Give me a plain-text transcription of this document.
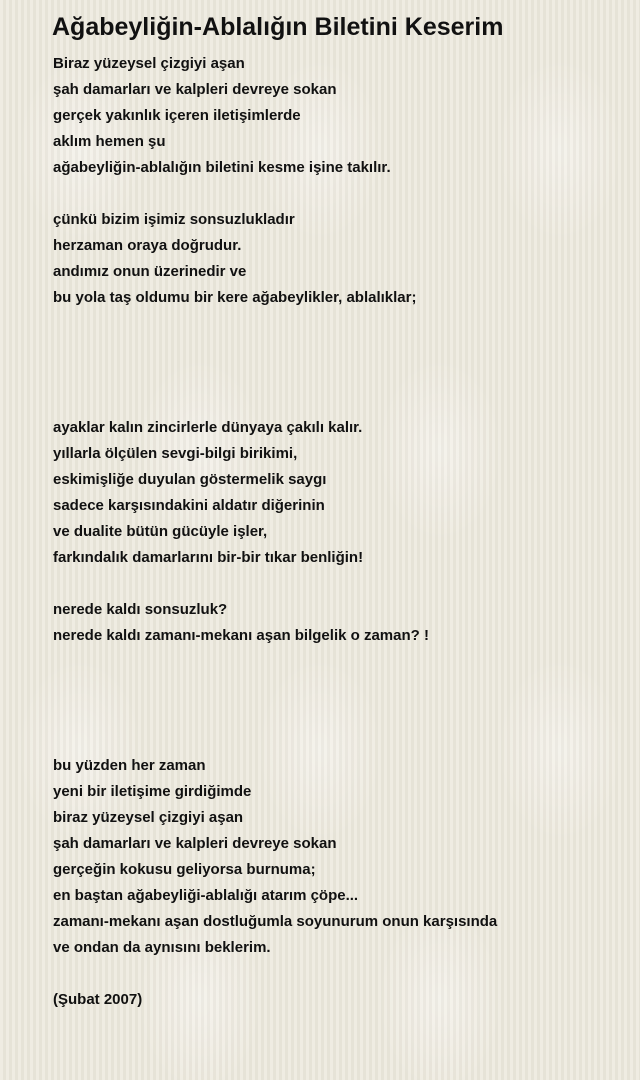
Ağabeyliğin-Ablalığın Biletini Keserim
Biraz yüzeysel çizgiyi aşan
şah damarları ve kalpleri devreye sokan
gerçek yakınlık içeren iletişimlerde
aklım hemen şu
ağabeyliğin-ablalığın biletini kesme işine takılır.
çünkü bizim işimiz sonsuzlukladır
herzaman oraya doğrudur.
andımız onun üzerinedir ve
bu yola taş oldumu bir kere ağabeylikler, ablalıklar;
ayaklar kalın zincirlerle dünyaya çakılı kalır.
yıllarla ölçülen sevgi-bilgi birikimi,
eskimişliğe duyulan göstermelik saygı
sadece karşısındakini aldatır diğerinin
ve dualite bütün gücüyle işler,
farkındalık damarlarını bir-bir tıkar benliğin!
nerede kaldı sonsuzluk?
nerede kaldı zamanı-mekanı aşan bilgelik o zaman? !
bu yüzden her zaman
yeni bir iletişime girdiğimde
biraz yüzeysel çizgiyi aşan
şah damarları ve kalpleri devreye sokan
gerçeğin kokusu geliyorsa burnuma;
en baştan ağabeyliği-ablalığı atarım çöpe...
zamanı-mekanı aşan dostluğumla soyunurum onun karşısında
ve ondan da aynısını beklerim.
(Şubat 2007)
